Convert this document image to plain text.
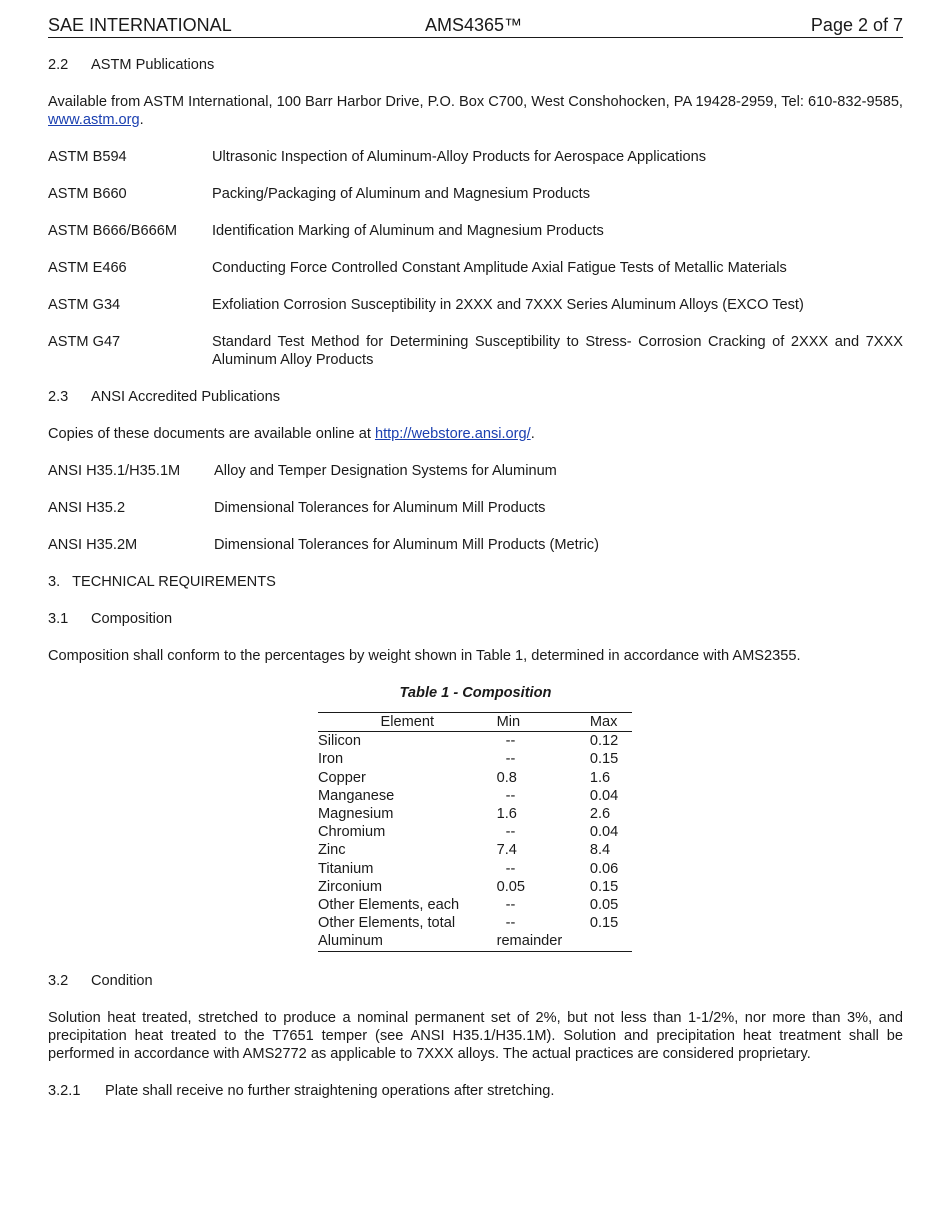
SAE INTERNATIONAL	AMS4365™	Page 2 of 7

2.2 ASTM Publications

Available from ASTM International, 100 Barr Harbor Drive, P.O. Box C700, West Conshohocken, PA 19428-2959, Tel: 610-832-9585, www.astm.org.

ASTM B594	Ultrasonic Inspection of Aluminum-Alloy Products for Aerospace Applications
ASTM B660	Packing/Packaging of Aluminum and Magnesium Products
ASTM B666/B666M	Identification Marking of Aluminum and Magnesium Products
ASTM E466	Conducting Force Controlled Constant Amplitude Axial Fatigue Tests of Metallic Materials
ASTM G34	Exfoliation Corrosion Susceptibility in 2XXX and 7XXX Series Aluminum Alloys (EXCO Test)
ASTM G47	Standard Test Method for Determining Susceptibility to Stress- Corrosion Cracking of 2XXX and 7XXX Aluminum Alloy Products

2.3 ANSI Accredited Publications

Copies of these documents are available online at http://webstore.ansi.org/.

ANSI H35.1/H35.1M	Alloy and Temper Designation Systems for Aluminum
ANSI H35.2	Dimensional Tolerances for Aluminum Mill Products
ANSI H35.2M	Dimensional Tolerances for Aluminum Mill Products (Metric)

3.   TECHNICAL REQUIREMENTS

3.1 Composition

Composition shall conform to the percentages by weight shown in Table 1, determined in accordance with AMS2355.

Table 1 - Composition

Element	Min	Max
Silicon	--	0.12
Iron	--	0.15
Copper	0.8	1.6
Manganese	--	0.04
Magnesium	1.6	2.6
Chromium	--	0.04
Zinc	7.4	8.4
Titanium	--	0.06
Zirconium	0.05	0.15
Other Elements, each	--	0.05
Other Elements, total	--	0.15
Aluminum	remainder	

3.2 Condition

Solution heat treated, stretched to produce a nominal permanent set of 2%, but not less than 1-1/2%, nor more than 3%, and precipitation heat treated to the T7651 temper (see ANSI H35.1/H35.1M). Solution and precipitation heat treatment shall be performed in accordance with AMS2772 as applicable to 7XXX alloys. The actual practices are considered proprietary.

3.2.1 Plate shall receive no further straightening operations after stretching.
